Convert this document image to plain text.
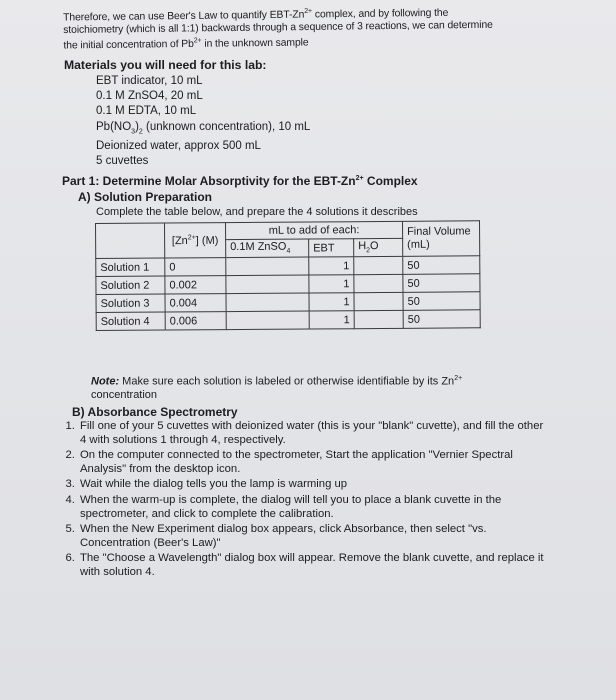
Therefore, we can use Beer's Law to quantify EBT-$Zn^{2+}$ complex, and by following the
stoichiometry (which is all 1:1) backwards through a sequence of 3 reactions, we can determine
the initial concentration of $Pb^{2+}$ in the unknown sample
Materials you will need for this lab:
EBT indicator, 10 mL
0.1 M ZnSO4, 20 mL
0.1 M EDTA, 10 mL
$Pb(NO_3)_2$ (unknown concentration), 10 mL
Deionized water, approx 500 mL
5 cuvettes
Part 1: Determine Molar Absorptivity for the EBT-$Zn^{2+}$ Complex
A) Solution Preparation
Complete the table below, and prepare the 4 solutions it describes
	$[Zn^{2+}]$ (M)	mL to add of each:			Final Volume
(mL)

		0.1M ZnSO$_4$	EBT	$H_2O$	
Solution 1	0		1		50
Solution 2	0.002		1		50
Solution 3	0.004		1		50
Solution 4	0.006		1		50
Note: Make sure each solution is labeled or otherwise identifiable by its $Zn^{2+}$
concentration
B) Absorbance Spectrometry
1. Fill one of your 5 cuvettes with deionized water (this is your "blank" cuvette), and fill the other 4 with solutions 1 through 4, respectively.
2. On the computer connected to the spectrometer, Start the application "Vernier Spectral Analysis" from the desktop icon.
3. Wait while the dialog tells you the lamp is warming up
4. When the warm-up is complete, the dialog will tell you to place a blank cuvette in the spectrometer, and click to complete the calibration.
5. When the New Experiment dialog box appears, click Absorbance, then select "vs. Concentration (Beer's Law)"
6. The "Choose a Wavelength" dialog box will appear. Remove the blank cuvette, and replace it with solution 4.
